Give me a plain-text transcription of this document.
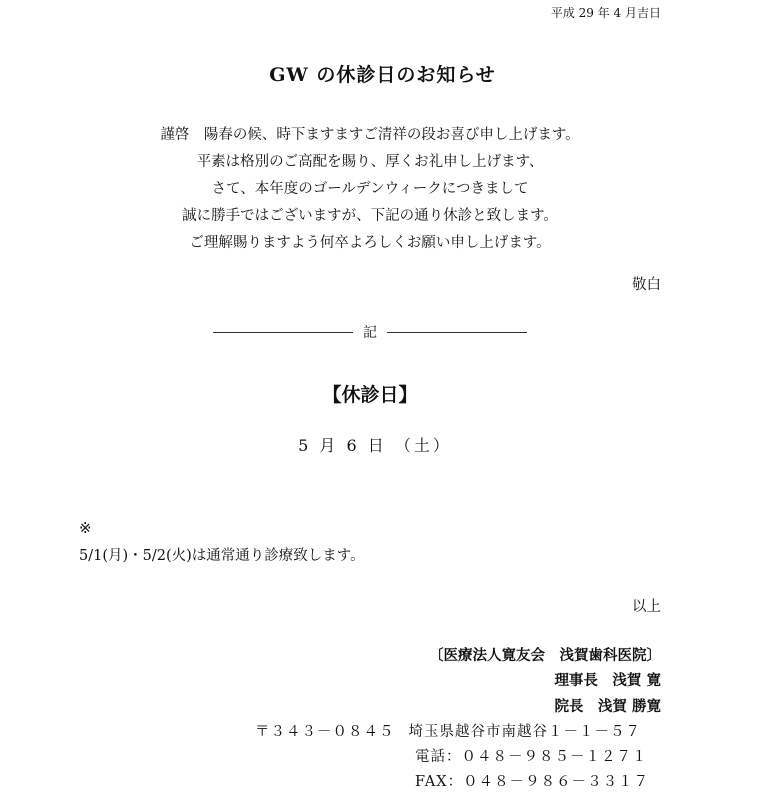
平成 29 年 4 月吉日
GW の休診日のお知らせ
謹啓　陽春の候、時下ますますご清祥の段お喜び申し上げます。
平素は格別のご高配を賜り、厚くお礼申し上げます、
さて、本年度のゴールデンウィークにつきまして
誠に勝手ではございますが、下記の通り休診と致します。
ご理解賜りますよう何卒よろしくお願い申し上げます。
敬白
記
【休診日】
5 月 6 日 （土）
※
5/1(月)・5/2(火)は通常通り診療致します。
以上
〔医療法人寛友会　浅賀歯科医院〕
理事長　浅賀 寛
院長　浅賀 勝寛
〒３４３－０８４５ 埼玉県越谷市南越谷１－１－５７
電話：０４８－９８５－１２７１
FAX：０４８－９８６－３３１７
